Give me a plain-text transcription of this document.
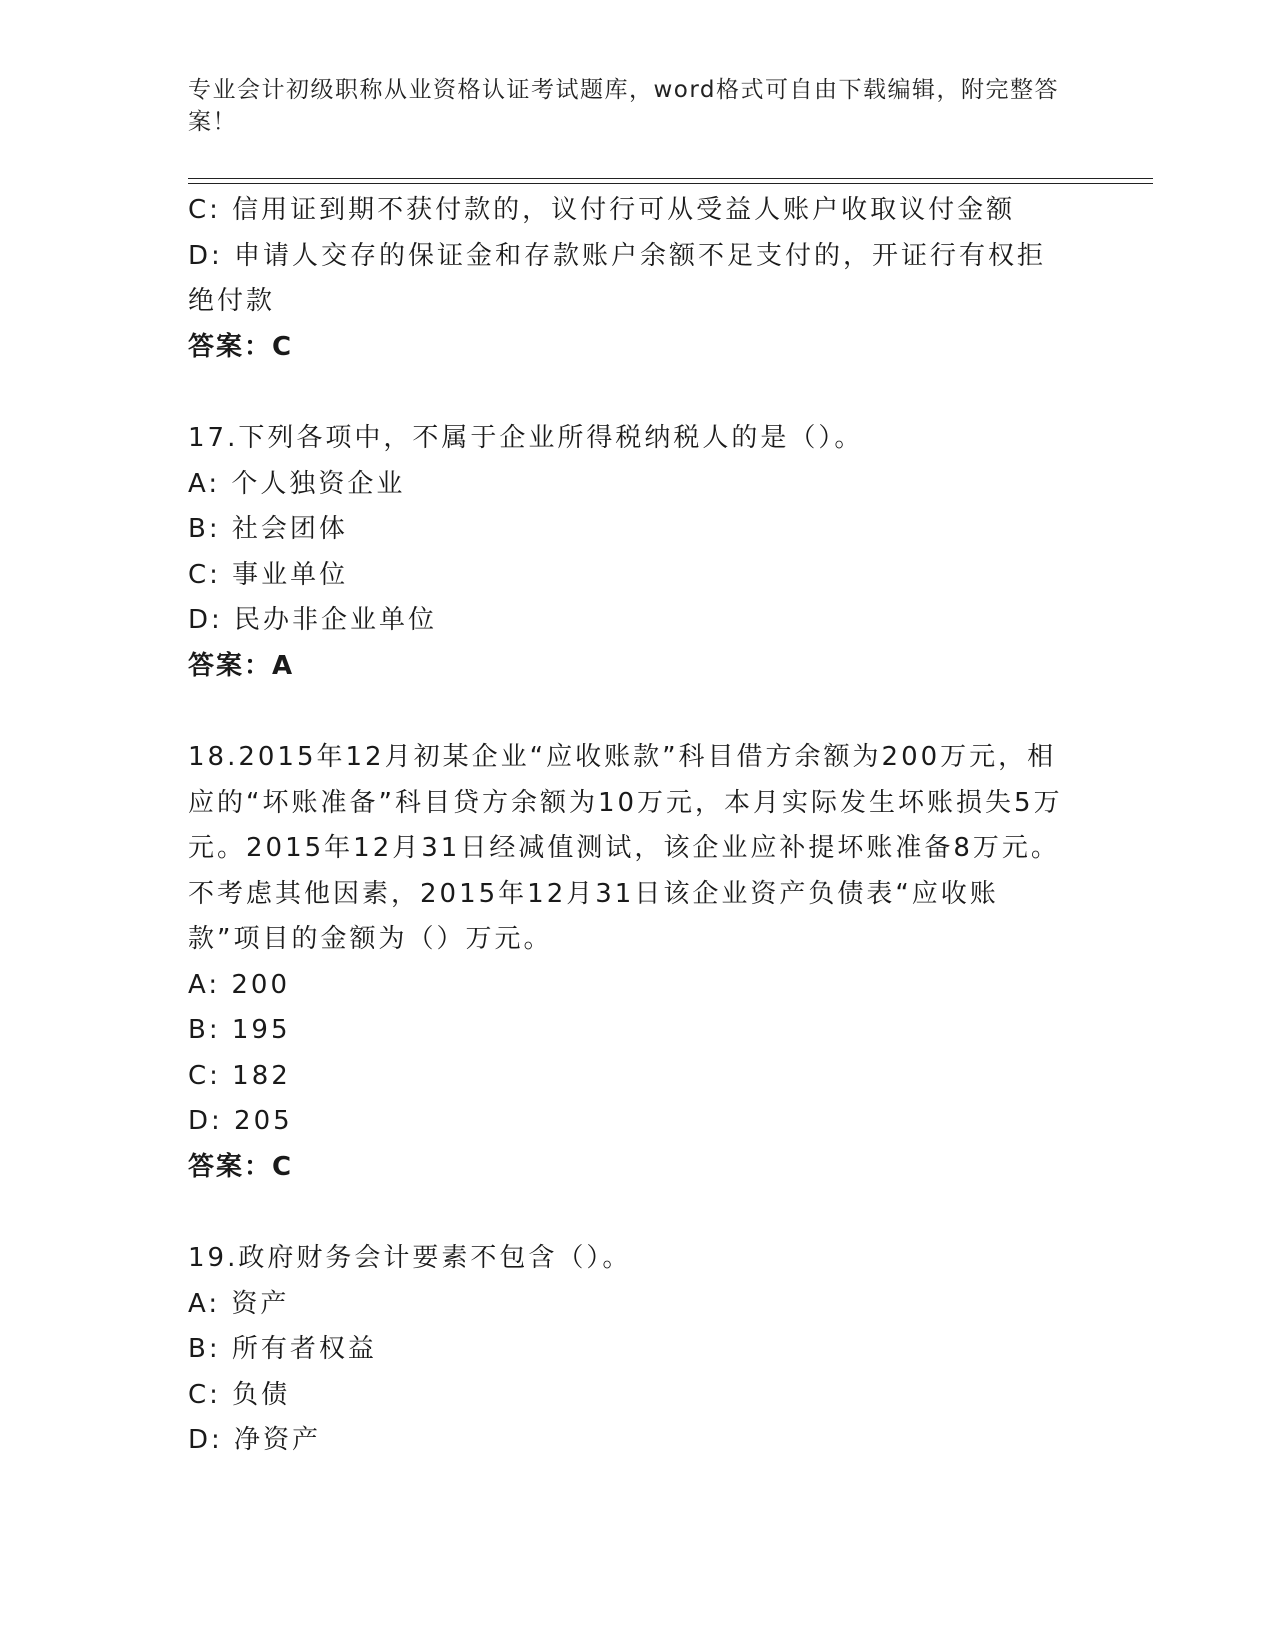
专业会计初级职称从业资格认证考试题库，word格式可自由下载编辑，附完整答案！

C: 信用证到期不获付款的，议付行可从受益人账户收取议付金额

D: 申请人交存的保证金和存款账户余额不足支付的，开证行有权拒绝付款

答案：C

17.下列各项中，不属于企业所得税纳税人的是（）。

A: 个人独资企业

B: 社会团体

C: 事业单位

D: 民办非企业单位

答案：A

18.2015年12月初某企业“应收账款”科目借方余额为200万元，相应的“坏账准备”科目贷方余额为10万元，本月实际发生坏账损失5万元。2015年12月31日经减值测试，该企业应补提坏账准备8万元。不考虑其他因素，2015年12月31日该企业资产负债表“应收账款”项目的金额为（）万元。

A: 200

B: 195

C: 182

D: 205

答案：C

19.政府财务会计要素不包含（）。

A: 资产

B: 所有者权益

C: 负债

D: 净资产
